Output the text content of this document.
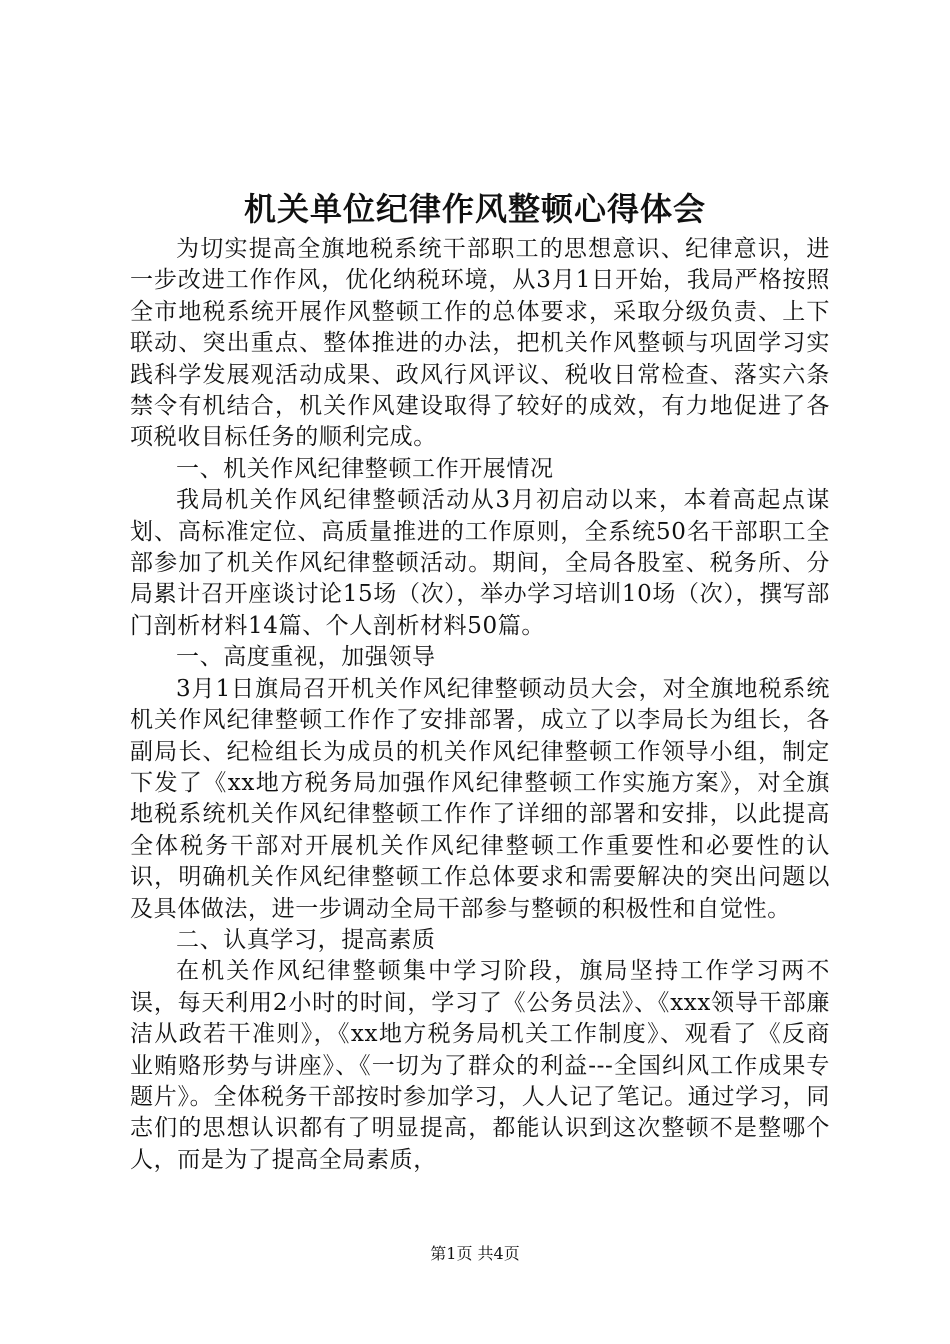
机关单位纪律作风整顿心得体会

为切实提高全旗地税系统干部职工的思想意识、纪律意识，进一步改进工作作风，优化纳税环境，从3月1日开始，我局严格按照全市地税系统开展作风整顿工作的总体要求，采取分级负责、上下联动、突出重点、整体推进的办法，把机关作风整顿与巩固学习实践科学发展观活动成果、政风行风评议、税收日常检查、落实六条禁令有机结合，机关作风建设取得了较好的成效，有力地促进了各项税收目标任务的顺利完成。

一、机关作风纪律整顿工作开展情况

我局机关作风纪律整顿活动从3月初启动以来，本着高起点谋划、高标准定位、高质量推进的工作原则，全系统50名干部职工全部参加了机关作风纪律整顿活动。期间，全局各股室、税务所、分局累计召开座谈讨论15场（次），举办学习培训10场（次），撰写部门剖析材料14篇、个人剖析材料50篇。

一、高度重视，加强领导

3月1日旗局召开机关作风纪律整顿动员大会，对全旗地税系统机关作风纪律整顿工作作了安排部署，成立了以李局长为组长，各副局长、纪检组长为成员的机关作风纪律整顿工作领导小组，制定下发了《xx地方税务局加强作风纪律整顿工作实施方案》，对全旗地税系统机关作风纪律整顿工作作了详细的部署和安排，以此提高全体税务干部对开展机关作风纪律整顿工作重要性和必要性的认识，明确机关作风纪律整顿工作总体要求和需要解决的突出问题以及具体做法，进一步调动全局干部参与整顿的积极性和自觉性。

二、认真学习，提高素质

在机关作风纪律整顿集中学习阶段，旗局坚持工作学习两不误，每天利用2小时的时间，学习了《公务员法》、《xxx领导干部廉洁从政若干准则》，《xx地方税务局机关工作制度》、观看了《反商业贿赂形势与讲座》、《一切为了群众的利益---全国纠风工作成果专题片》。全体税务干部按时参加学习，人人记了笔记。通过学习，同志们的思想认识都有了明显提高，都能认识到这次整顿不是整哪个人，而是为了提高全局素质，

第1页 共4页
